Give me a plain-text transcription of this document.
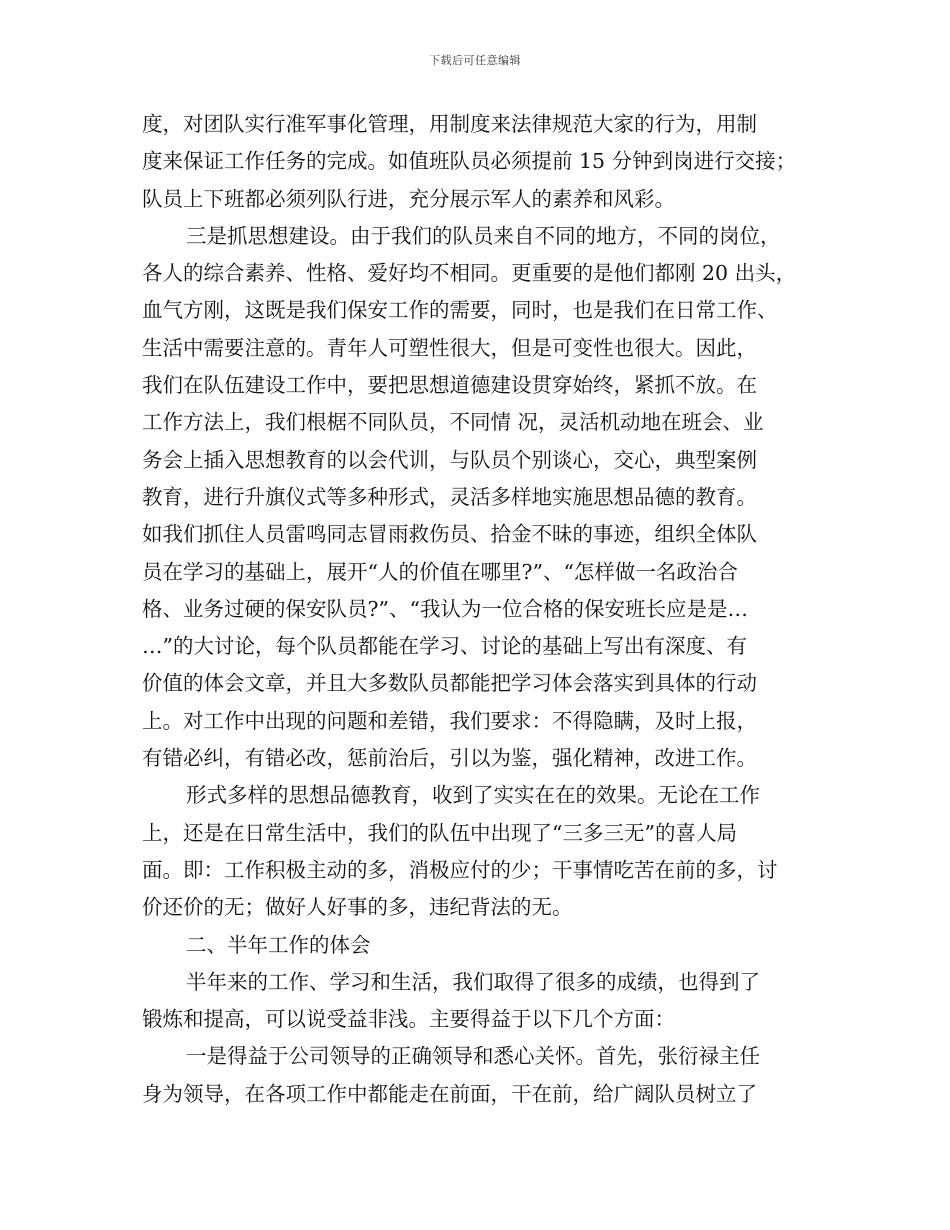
下载后可任意编辑
度，对团队实行准军事化管理，用制度来法律规范大家的行为，用制
度来保证工作任务的完成。如值班队员必须提前 15 分钟到岗进行交接；
队员上下班都必须列队行进，充分展示军人的素养和风彩。
三是抓思想建设。由于我们的队员来自不同的地方，不同的岗位，
各人的综合素养、性格、爱好均不相同。更重要的是他们都刚 20 出头，
血气方刚，这既是我们保安工作的需要，同时，也是我们在日常工作、
生活中需要注意的。青年人可塑性很大，但是可变性也很大。因此，
我们在队伍建设工作中，要把思想道德建设贯穿始终，紧抓不放。在
工作方法上，我们根椐不同队员，不同情 况，灵活机动地在班会、业
务会上插入思想教育的以会代训，与队员个别谈心，交心，典型案例
教育，进行升旗仪式等多种形式，灵活多样地实施思想品德的教育。
如我们抓住人员雷鸣同志冒雨救伤员、拾金不昧的事迹，组织全体队
员在学习的基础上，展开“人的价值在哪里?”、“怎样做一名政治合
格、业务过硬的保安队员?”、“我认为一位合格的保安班长应是是…
…”的大讨论，每个队员都能在学习、讨论的基础上写出有深度、有
价值的体会文章，并且大多数队员都能把学习体会落实到具体的行动
上。对工作中出现的问题和差错，我们要求：不得隐瞒，及时上报，
有错必纠，有错必改，惩前治后，引以为鉴，强化精神，改进工作。
形式多样的思想品德教育，收到了实实在在的效果。无论在工作
上，还是在日常生活中，我们的队伍中出现了“三多三无”的喜人局
面。即：工作积极主动的多，消极应付的少；干事情吃苦在前的多，讨
价还价的无；做好人好事的多，违纪背法的无。
二、半年工作的体会
半年来的工作、学习和生活，我们取得了很多的成绩，也得到了
锻炼和提高，可以说受益非浅。主要得益于以下几个方面：
一是得益于公司领导的正确领导和悉心关怀。首先，张衍禄主任
身为领导，在各项工作中都能走在前面，干在前，给广阔队员树立了
